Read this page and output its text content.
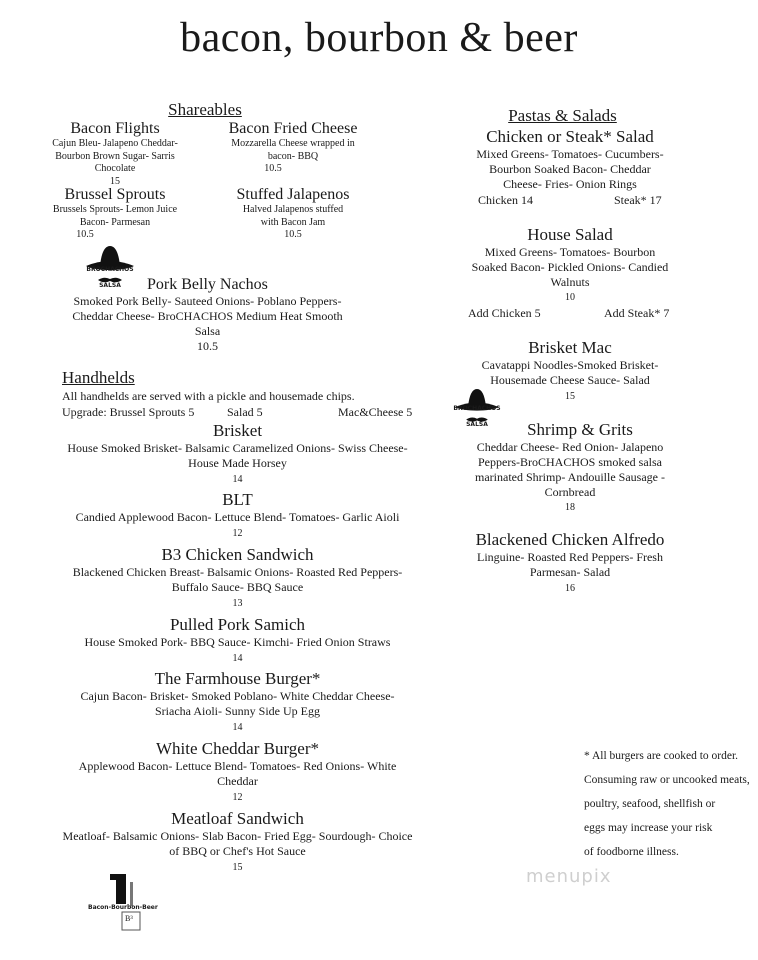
bacon, bourbon & beer
Shareables
Bacon Flights
Cajun Bleu- Jalapeno Cheddar- Bourbon Brown Sugar- Sarris Chocolate
15
Bacon Fried Cheese
Mozzarella Cheese wrapped in bacon- BBQ
10.5
Brussel Sprouts
Brussels Sprouts- Lemon Juice Bacon- Parmesan
10.5
Stuffed Jalapenos
Halved Jalapenos stuffed with Bacon Jam
10.5
BROCHACHOS
SALSA	Pork Belly Nachos
Smoked Pork Belly- Sauteed Onions- Poblano Peppers-
Cheddar Cheese- BroCHACHOS Medium Heat Smooth
Salsa
10.5
Handhelds
All handhelds are served with a pickle and housemade chips.
Upgrade: Brussel Sprouts 5	Salad 5	Mac&Cheese 5
Brisket
House Smoked Brisket- Balsamic Caramelized Onions- Swiss Cheese-
House Made Horsey
14
BLT
Candied Applewood Bacon- Lettuce Blend- Tomatoes- Garlic Aioli
12
B3 Chicken Sandwich
Blackened Chicken Breast- Balsamic Onions- Roasted Red Peppers-
Buffalo Sauce- BBQ Sauce
13
Pulled Pork Samich
House Smoked Pork- BBQ Sauce- Kimchi- Fried Onion Straws
14
The Farmhouse Burger*
Cajun Bacon- Brisket- Smoked Poblano- White Cheddar Cheese-
Sriacha Aioli- Sunny Side Up Egg
14
White Cheddar Burger*
Applewood Bacon- Lettuce Blend- Tomatoes- Red Onions- White
Cheddar
12
Meatloaf Sandwich
Meatloaf- Balsamic Onions- Slab Bacon- Fried Egg- Sourdough- Choice
of BBQ or Chef's Hot Sauce
15
Bacon-Bourbon-Beer
B³
Pastas & Salads
Chicken or Steak* Salad
Mixed Greens- Tomatoes- Cucumbers-
Bourbon Soaked Bacon- Cheddar
Cheese- Fries- Onion Rings
Chicken 14	Steak* 17
House Salad
Mixed Greens- Tomatoes- Bourbon
Soaked Bacon- Pickled Onions- Candied
Walnuts
10
Add Chicken 5	Add Steak* 7
Brisket Mac
Cavatappi Noodles-Smoked Brisket-
Housemade Cheese Sauce- Salad
15
BROCHACHOS
SALSA	Shrimp & Grits
Cheddar Cheese- Red Onion- Jalapeno
Peppers-BroCHACHOS smoked salsa
marinated Shrimp- Andouille Sausage -
Cornbread
18
Blackened Chicken Alfredo
Linguine- Roasted Red Peppers- Fresh
Parmesan- Salad
16
* All burgers are cooked to order.
Consuming raw or uncooked meats,
poultry, seafood, shellfish or
eggs may increase your risk
of foodborne illness.
menupix
